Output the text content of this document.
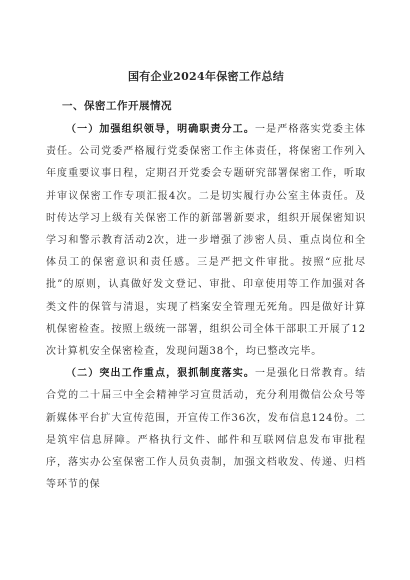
国有企业2024年保密工作总结
一、保密工作开展情况

（一）加强组织领导，明确职责分工。一是严格落实党委主体责任。公司党委严格履行党委保密工作主体责任，将保密工作列入年度重要议事日程，定期召开党委会专题研究部署保密工作，听取并审议保密工作专项汇报4次。二是切实履行办公室主体责任。及时传达学习上级有关保密工作的新部署新要求，组织开展保密知识学习和警示教育活动2次，进一步增强了涉密人员、重点岗位和全体员工的保密意识和责任感。三是严把文件审批。按照“应批尽批”的原则，认真做好发文登记、审批、印章使用等工作加强对各类文件的保管与清退，实现了档案安全管理无死角。四是做好计算机保密检查。按照上级统一部署，组织公司全体干部职工开展了12次计算机安全保密检查，发现问题38个，均已整改完毕。

（二）突出工作重点，狠抓制度落实。一是强化日常教育。结合党的二十届三中全会精神学习宣贯活动，充分利用微信公众号等新媒体平台扩大宣传范围，开宣传工作36次，发布信息124份。二是筑牢信息屏障。严格执行文件、邮件和互联网信息发布审批程序，落实办公室保密工作人员负责制，加强文档收发、传递、归档等环节的保
